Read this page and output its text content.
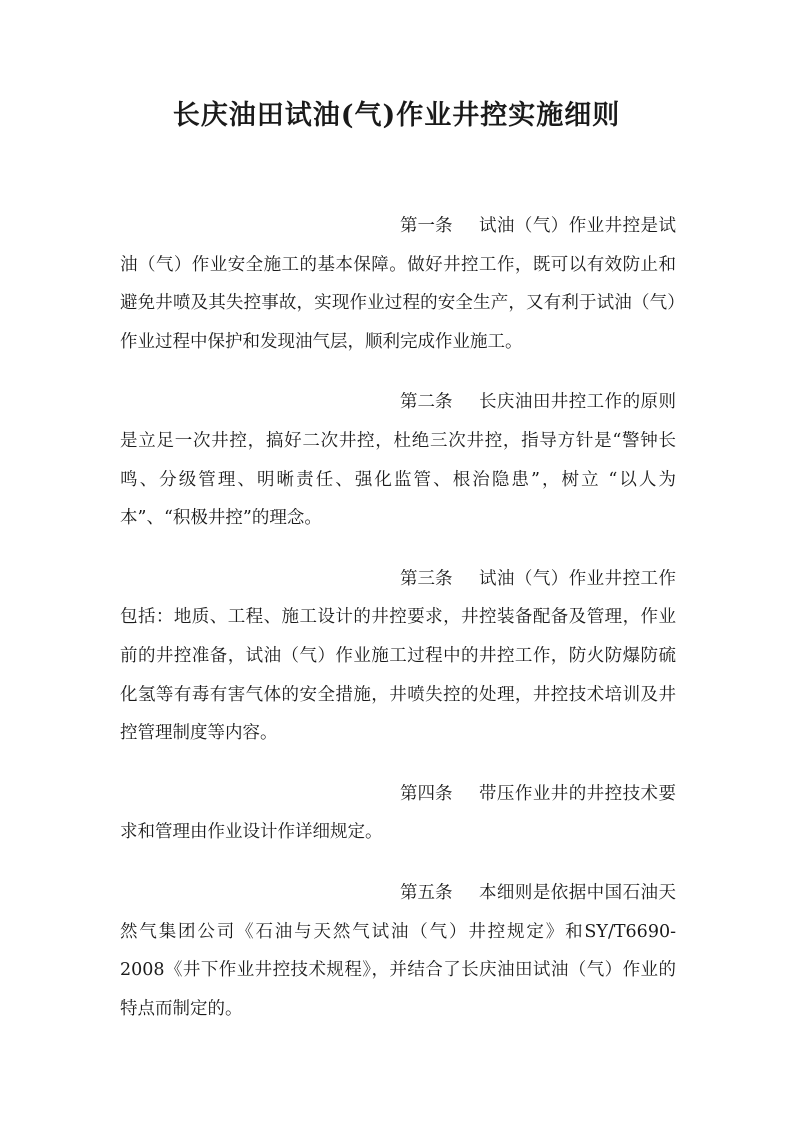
长庆油田试油(气)作业井控实施细则

第一条 试油（气）作业井控是试油（气）作业安全施工的基本保障。做好井控工作，既可以有效防止和避免井喷及其失控事故，实现作业过程的安全生产，又有利于试油（气）作业过程中保护和发现油气层，顺利完成作业施工。

第二条 长庆油田井控工作的原则是立足一次井控，搞好二次井控，杜绝三次井控，指导方针是“警钟长鸣、分级管理、明晰责任、强化监管、根治隐患”，树立 “以人为本”、“积极井控”的理念。

第三条 试油（气）作业井控工作包括：地质、工程、施工设计的井控要求，井控装备配备及管理，作业前的井控准备，试油（气）作业施工过程中的井控工作，防火防爆防硫化氢等有毒有害气体的安全措施，井喷失控的处理，井控技术培训及井控管理制度等内容。

第四条 带压作业井的井控技术要求和管理由作业设计作详细规定。

第五条 本细则是依据中国石油天然气集团公司《石油与天然气试油（气）井控规定》和SY/T6690-2008《井下作业井控技术规程》，并结合了长庆油田试油（气）作业的特点而制定的。
